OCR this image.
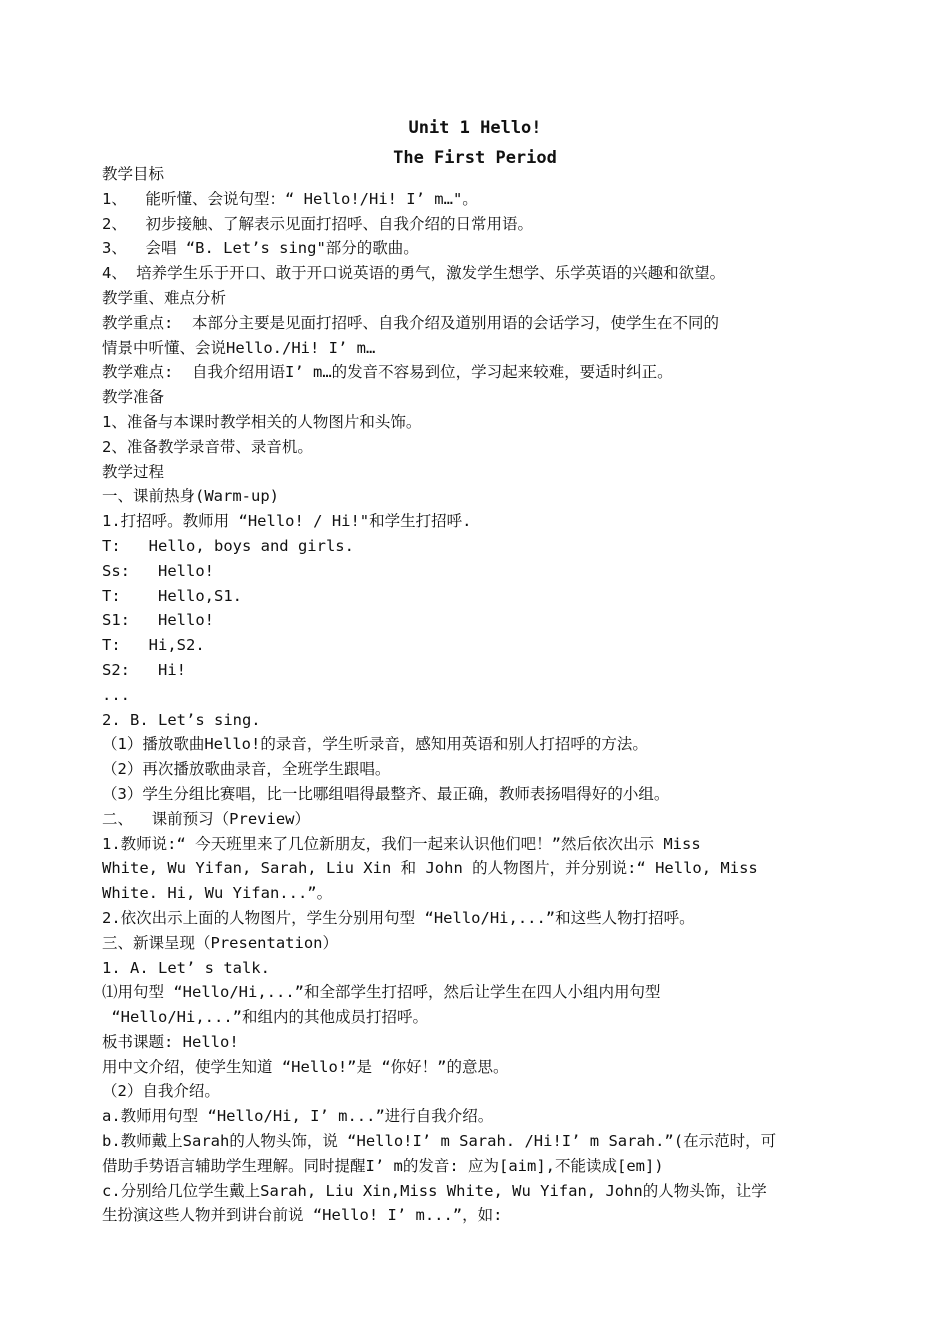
Unit 1 Hello!
The First Period
教学目标
1、  能听懂、会说句型：“ Hello!/Hi! I’ m…"。
2、  初步接触、了解表示见面打招呼、自我介绍的日常用语。
3、  会唱 “B. Let’s sing"部分的歌曲。
4、 培养学生乐于开口、敢于开口说英语的勇气，激发学生想学、乐学英语的兴趣和欲望。
教学重、难点分析
教学重点:  本部分主要是见面打招呼、自我介绍及道别用语的会话学习，使学生在不同的
情景中听懂、会说Hello./Hi! I’ m…
教学难点:  自我介绍用语I’ m…的发音不容易到位，学习起来较难，要适时纠正。
教学准备
1、准备与本课时教学相关的人物图片和头饰。
2、准备教学录音带、录音机。
教学过程
一、课前热身(Warm-up)
1.打招呼。教师用 “Hello! / Hi!"和学生打招呼.
T:   Hello, boys and girls.
Ss:   Hello!
T:    Hello,S1.
S1:   Hello!
T:   Hi,S2.
S2:   Hi!
...
2. B. Let’s sing.
（1）播放歌曲Hello!的录音，学生听录音，感知用英语和别人打招呼的方法。
（2）再次播放歌曲录音，全班学生跟唱。
（3）学生分组比赛唱，比一比哪组唱得最整齐、最正确，教师表扬唱得好的小组。
二、  课前预习（Preview）
1.教师说:“ 今天班里来了几位新朋友，我们一起来认识他们吧！”然后依次出示 Miss
White, Wu Yifan, Sarah, Liu Xin 和 John 的人物图片，并分别说:“ Hello, Miss
White. Hi, Wu Yifan...”。
2.依次出示上面的人物图片，学生分别用句型 “Hello/Hi,...”和这些人物打招呼。
三、新课呈现（Presentation）
1. A. Let’ s talk.
⑴用句型 “Hello/Hi,...”和全部学生打招呼，然后让学生在四人小组内用句型
“Hello/Hi,...”和组内的其他成员打招呼。
板书课题: Hello!
用中文介绍，使学生知道 “Hello!”是 “你好！”的意思。
（2）自我介绍。
a.教师用句型 “Hello/Hi, I’ m...”进行自我介绍。
b.教师戴上Sarah的人物头饰，说 “Hello!I’ m Sarah. /Hi!I’ m Sarah.”(在示范时，可
借助手势语言辅助学生理解。同时提醒I’ m的发音: 应为[aim],不能读成[em])
c.分别给几位学生戴上Sarah, Liu Xin,Miss White, Wu Yifan, John的人物头饰，让学
生扮演这些人物并到讲台前说 “Hello! I’ m...”，如:
